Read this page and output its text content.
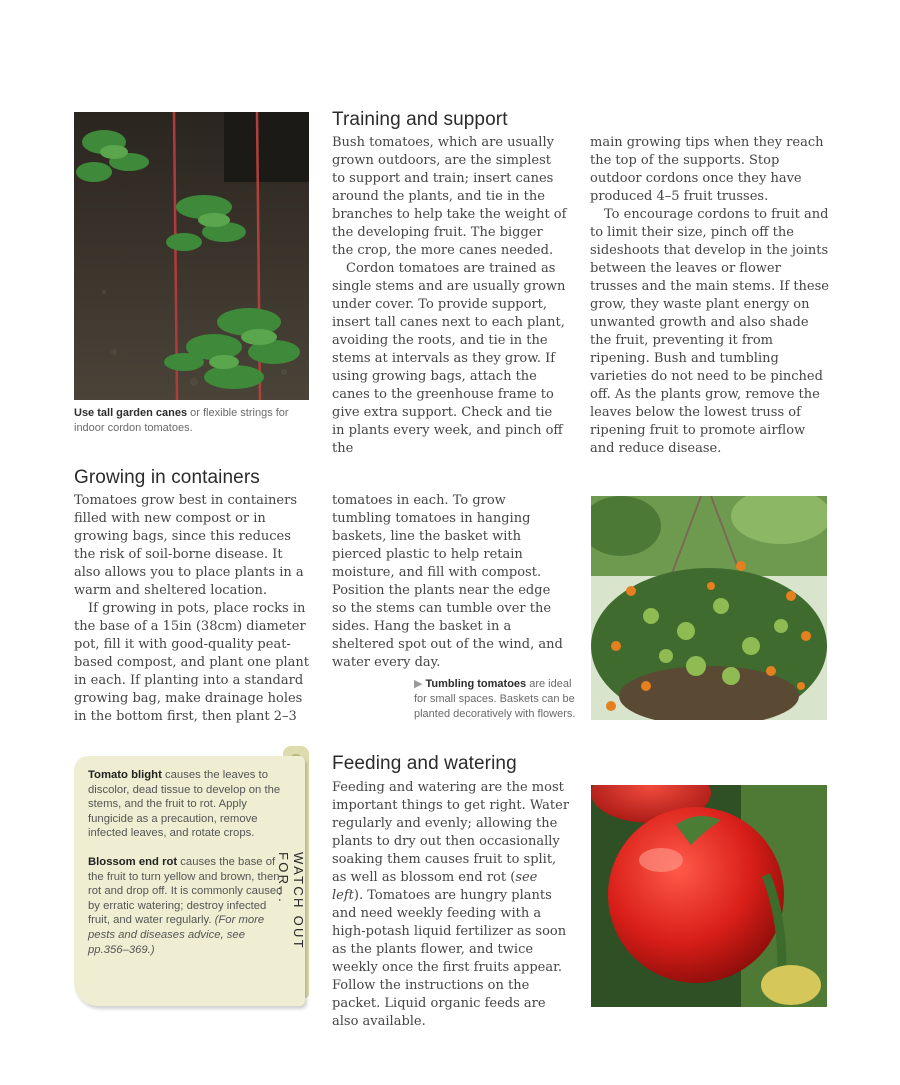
Use tall garden canes or flexible strings for indoor cordon tomatoes.
Training and support

Bush tomatoes, which are usually grown outdoors, are the simplest to support and train; insert canes around the plants, and tie in the branches to help take the weight of the developing fruit. The bigger the crop, the more canes needed.

Cordon tomatoes are trained as single stems and are usually grown under cover. To provide support, insert tall canes next to each plant, avoiding the roots, and tie in the stems at intervals as they grow. If using growing bags, attach the canes to the greenhouse frame to give extra support. Check and tie in plants every week, and pinch off the

main growing tips when they reach the top of the supports. Stop outdoor cordons once they have produced 4–5 fruit trusses.

To encourage cordons to fruit and to limit their size, pinch off the sideshoots that develop in the joints between the leaves or flower trusses and the main stems. If these grow, they waste plant energy on unwanted growth and also shade the fruit, preventing it from ripening. Bush and tumbling varieties do not need to be pinched off. As the plants grow, remove the leaves below the lowest truss of ripening fruit to promote airflow and reduce disease.

Growing in containers

Tomatoes grow best in containers filled with new compost or in growing bags, since this reduces the risk of soil-borne disease. It also allows you to place plants in a warm and sheltered location.

If growing in pots, place rocks in the base of a 15in (38cm) diameter pot, fill it with good-quality peat-based compost, and plant one plant in each. If planting into a standard growing bag, make drainage holes in the bottom first, then plant 2–3

tomatoes in each. To grow tumbling tomatoes in hanging baskets, line the basket with pierced plastic to help retain moisture, and fill with compost. Position the plants near the edge so the stems can tumble over the sides. Hang the basket in a sheltered spot out of the wind, and water every day.

▶ Tumbling tomatoes are ideal for small spaces. Baskets can be planted decoratively with flowers.

Tomato blight causes the leaves to discolor, dead tissue to develop on the stems, and the fruit to rot. Apply fungicide as a precaution, remove infected leaves, and rotate crops.

Blossom end rot causes the base of the fruit to turn yellow and brown, then rot and drop off. It is commonly caused by erratic watering; destroy infected fruit, and water regularly. (For more pests and diseases advice, see pp.356–369.)	WATCH OUT FOR...
Feeding and watering

Feeding and watering are the most important things to get right. Water regularly and evenly; allowing the plants to dry out then occasionally soaking them causes fruit to split, as well as blossom end rot (see left). Tomatoes are hungry plants and need weekly feeding with a high-potash liquid fertilizer as soon as the plants flower, and twice weekly once the first fruits appear. Follow the instructions on the packet. Liquid organic feeds are also available.
